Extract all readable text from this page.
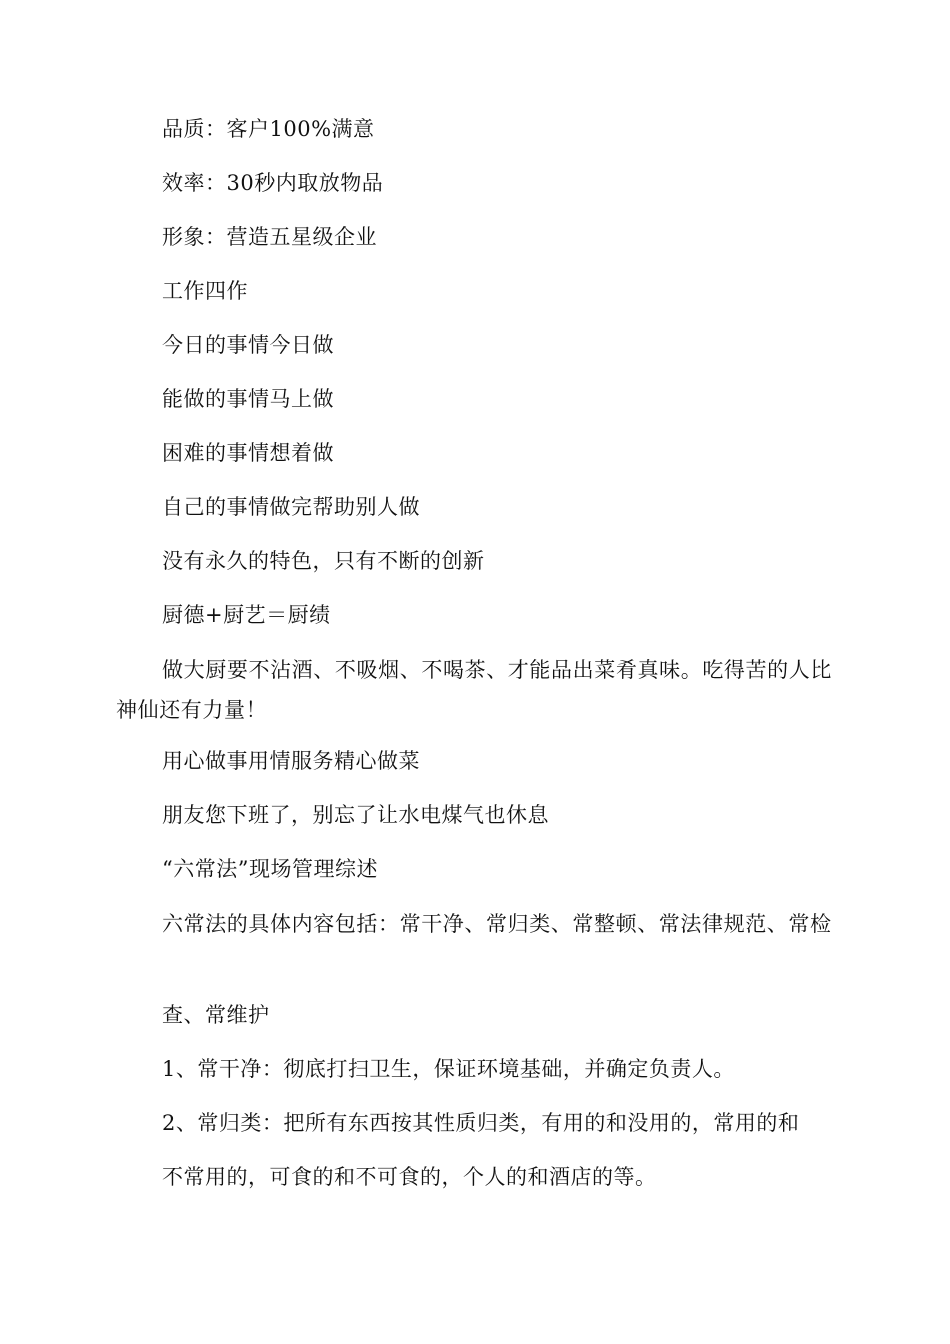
品质：客户100%满意
效率：30秒内取放物品
形象：营造五星级企业
工作四作
今日的事情今日做
能做的事情马上做
困难的事情想着做
自己的事情做完帮助别人做
没有永久的特色，只有不断的创新
厨德+厨艺＝厨绩
做大厨要不沾酒、不吸烟、不喝茶、才能品出菜肴真味。吃得苦的人比神仙还有力量！
用心做事用情服务精心做菜
朋友您下班了，别忘了让水电煤气也休息
“六常法”现场管理综述
六常法的具体内容包括：常干净、常归类、常整顿、常法律规范、常检
查、常维护
1、常干净：彻底打扫卫生，保证环境基础，并确定负责人。
2、常归类：把所有东西按其性质归类，有用的和没用的，常用的和
不常用的，可食的和不可食的，个人的和酒店的等。
